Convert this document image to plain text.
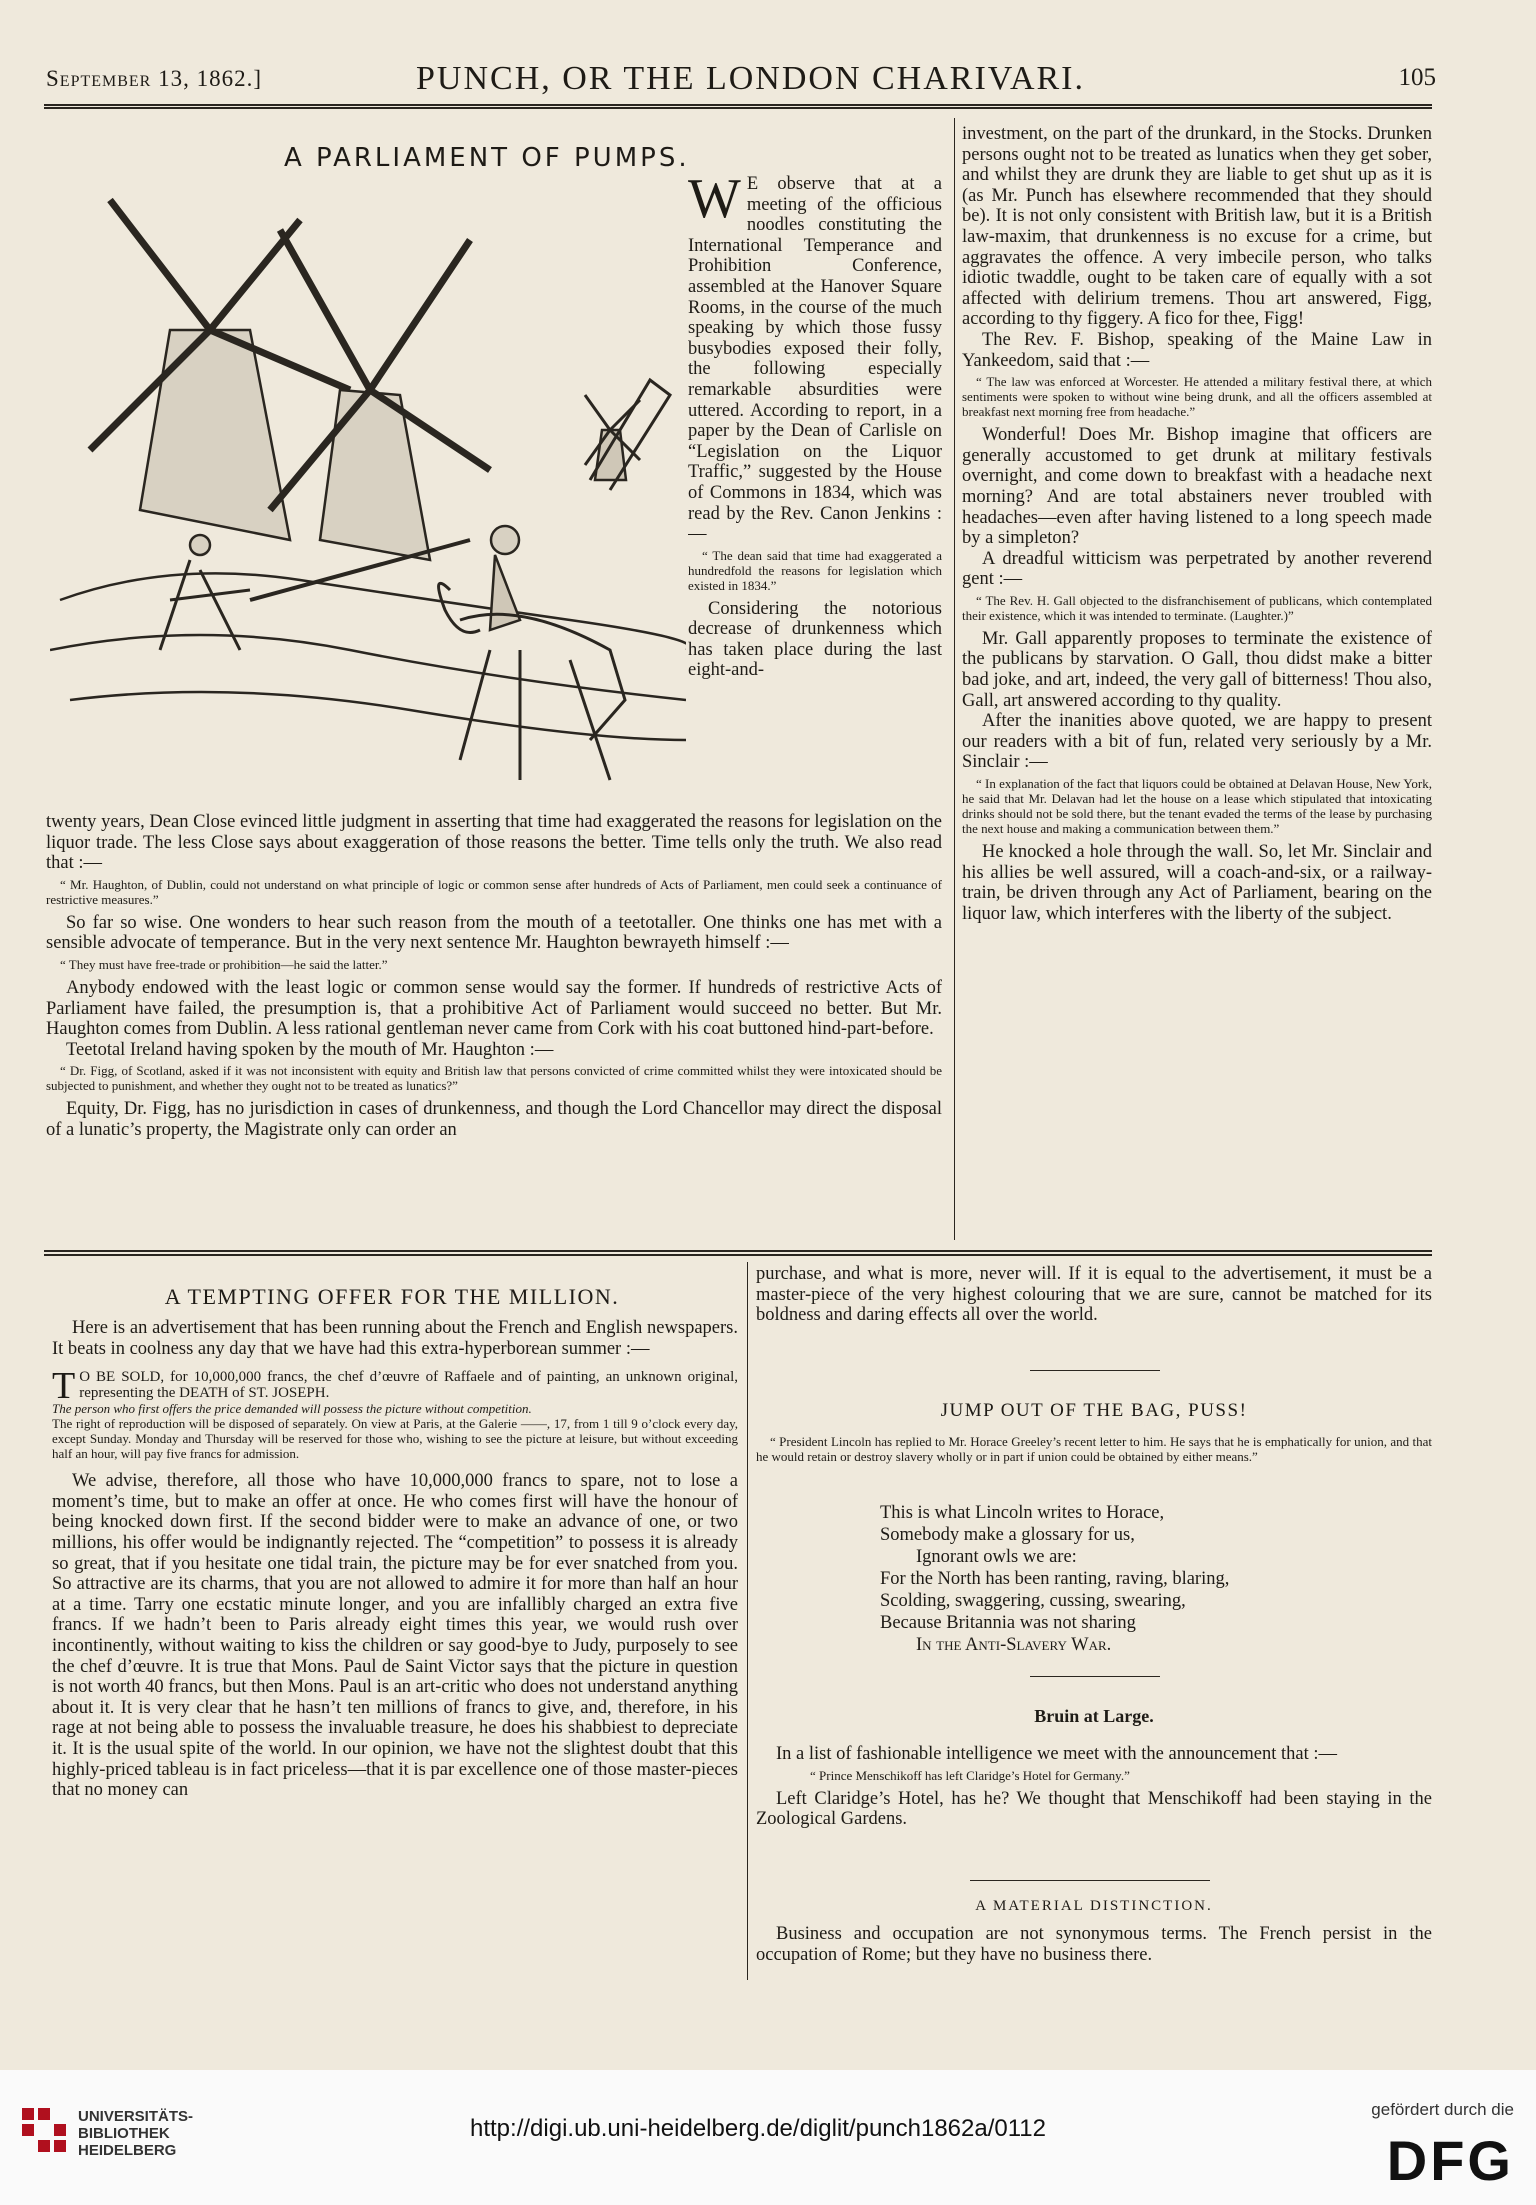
September 13, 1862.]	PUNCH, OR THE LONDON CHARIVARI.	105
A PARLIAMENT OF PUMPS.

W E observe that at a meeting of the officious noodles constituting the International Temperance and Prohibition Conference, assembled at the Hanover Square Rooms, in the course of the much speaking by which those fussy busybodies exposed their folly, the following especially remarkable absurdities were uttered. According to report, in a paper by the Dean of Carlisle on “Legislation on the Liquor Traffic,” suggested by the House of Commons in 1834, which was read by the Rev. Canon Jenkins :—

“ The dean said that time had exaggerated a hundredfold the reasons for legislation which existed in 1834.”

Considering the notorious decrease of drunkenness which has taken place during the last eight-and-

twenty years, Dean Close evinced little judgment in asserting that time had exaggerated the reasons for legislation on the liquor trade. The less Close says about exaggeration of those reasons the better. Time tells only the truth. We also read that :—

“ Mr. Haughton, of Dublin, could not understand on what principle of logic or common sense after hundreds of Acts of Parliament, men could seek a continuance of restrictive measures.”

So far so wise. One wonders to hear such reason from the mouth of a teetotaller. One thinks one has met with a sensible advocate of temperance. But in the very next sentence Mr. Haughton bewrayeth himself :—

“ They must have free-trade or prohibition—he said the latter.”

Anybody endowed with the least logic or common sense would say the former. If hundreds of restrictive Acts of Parliament have failed, the presumption is, that a prohibitive Act of Parliament would succeed no better. But Mr. Haughton comes from Dublin. A less rational gentleman never came from Cork with his coat buttoned hind-part-before.

Teetotal Ireland having spoken by the mouth of Mr. Haughton :—

“ Dr. Figg, of Scotland, asked if it was not inconsistent with equity and British law that persons convicted of crime committed whilst they were intoxicated should be subjected to punishment, and whether they ought not to be treated as lunatics?”

Equity, Dr. Figg, has no jurisdiction in cases of drunkenness, and though the Lord Chancellor may direct the disposal of a lunatic’s property, the Magistrate only can order an

investment, on the part of the drunkard, in the Stocks. Drunken persons ought not to be treated as lunatics when they get sober, and whilst they are drunk they are liable to get shut up as it is (as Mr. Punch has elsewhere recommended that they should be). It is not only consistent with British law, but it is a British law-maxim, that drunkenness is no excuse for a crime, but aggravates the offence. A very imbecile person, who talks idiotic twaddle, ought to be taken care of equally with a sot affected with delirium tremens. Thou art answered, Figg, according to thy figgery. A fico for thee, Figg!

The Rev. F. Bishop, speaking of the Maine Law in Yankeedom, said that :—

“ The law was enforced at Worcester. He attended a military festival there, at which sentiments were spoken to without wine being drunk, and all the officers assembled at breakfast next morning free from headache.”

Wonderful! Does Mr. Bishop imagine that officers are generally accustomed to get drunk at military festivals overnight, and come down to breakfast with a headache next morning? And are total abstainers never troubled with headaches—even after having listened to a long speech made by a simpleton?

A dreadful witticism was perpetrated by another reverend gent :—

“ The Rev. H. Gall objected to the disfranchisement of publicans, which contemplated their existence, which it was intended to terminate. (Laughter.)”

Mr. Gall apparently proposes to terminate the existence of the publicans by starvation. O Gall, thou didst make a bitter bad joke, and art, indeed, the very gall of bitterness! Thou also, Gall, art answered according to thy quality.

After the inanities above quoted, we are happy to present our readers with a bit of fun, related very seriously by a Mr. Sinclair :—

“ In explanation of the fact that liquors could be obtained at Delavan House, New York, he said that Mr. Delavan had let the house on a lease which stipulated that intoxicating drinks should not be sold there, but the tenant evaded the terms of the lease by purchasing the next house and making a communication between them.”

He knocked a hole through the wall. So, let Mr. Sinclair and his allies be well assured, will a coach-and-six, or a railway-train, be driven through any Act of Parliament, bearing on the liquor law, which interferes with the liberty of the subject.

A TEMPTING OFFER FOR THE MILLION.

Here is an advertisement that has been running about the French and English newspapers. It beats in coolness any day that we have had this extra-hyperborean summer :—

T O BE SOLD, for 10,000,000 francs, the chef d’œuvre of Raffaele and of painting, an unknown original, representing the DEATH of ST. JOSEPH.
The person who first offers the price demanded will possess the picture without competition.
The right of reproduction will be disposed of separately. On view at Paris, at the Galerie ——, 17, from 1 till 9 o’clock every day, except Sunday. Monday and Thursday will be reserved for those who, wishing to see the picture at leisure, but without exceeding half an hour, will pay five francs for admission.

We advise, therefore, all those who have 10,000,000 francs to spare, not to lose a moment’s time, but to make an offer at once. He who comes first will have the honour of being knocked down first. If the second bidder were to make an advance of one, or two millions, his offer would be indignantly rejected. The “competition” to possess it is already so great, that if you hesitate one tidal train, the picture may be for ever snatched from you. So attractive are its charms, that you are not allowed to admire it for more than half an hour at a time. Tarry one ecstatic minute longer, and you are infallibly charged an extra five francs. If we hadn’t been to Paris already eight times this year, we would rush over incontinently, without waiting to kiss the children or say good-bye to Judy, purposely to see the chef d’œuvre. It is true that Mons. Paul de Saint Victor says that the picture in question is not worth 40 francs, but then Mons. Paul is an art-critic who does not understand anything about it. It is very clear that he hasn’t ten millions of francs to give, and, therefore, in his rage at not being able to possess the invaluable treasure, he does his shabbiest to depreciate it. It is the usual spite of the world. In our opinion, we have not the slightest doubt that this highly-priced tableau is in fact priceless—that it is par excellence one of those master-pieces that no money can

purchase, and what is more, never will. If it is equal to the advertisement, it must be a master-piece of the very highest colouring that we are sure, cannot be matched for its boldness and daring effects all over the world.

JUMP OUT OF THE BAG, PUSS!
“ President Lincoln has replied to Mr. Horace Greeley’s recent letter to him. He says that he is emphatically for union, and that he would retain or destroy slavery wholly or in part if union could be obtained by either means.”
This is what Lincoln writes to Horace,
Somebody make a glossary for us,
Ignorant owls we are:
For the North has been ranting, raving, blaring,
Scolding, swaggering, cussing, swearing,
Because Britannia was not sharing
In the Anti-Slavery War.
Bruin at Large.

In a list of fashionable intelligence we meet with the announcement that :—

“ Prince Menschikoff has left Claridge’s Hotel for Germany.”

Left Claridge’s Hotel, has he? We thought that Menschikoff had been staying in the Zoological Gardens.

A MATERIAL DISTINCTION.

Business and occupation are not synonymous terms. The French persist in the occupation of Rome; but they have no business there.

UNIVERSITÄTS-
BIBLIOTHEK
HEIDELBERG
http://digi.ub.uni-heidelberg.de/diglit/punch1862a/0112
gefördert durch die
DFG
